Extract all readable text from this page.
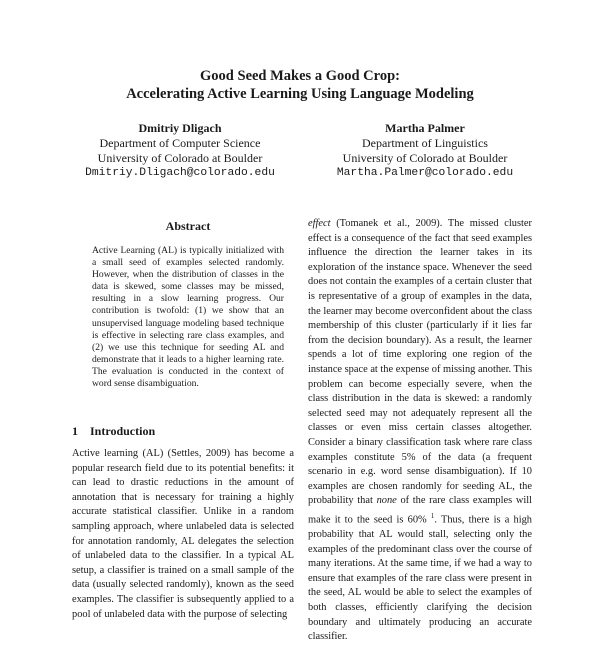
Good Seed Makes a Good Crop:
Accelerating Active Learning Using Language Modeling
Dmitriy Dligach
Department of Computer Science
University of Colorado at Boulder
Dmitriy.Dligach@colorado.edu
Martha Palmer
Department of Linguistics
University of Colorado at Boulder
Martha.Palmer@colorado.edu
Abstract
Active Learning (AL) is typically initialized with a small seed of examples selected randomly. However, when the distribution of classes in the data is skewed, some classes may be missed, resulting in a slow learning progress. Our contribution is twofold: (1) we show that an unsupervised language modeling based technique is effective in selecting rare class examples, and (2) we use this technique for seeding AL and demonstrate that it leads to a higher learning rate. The evaluation is conducted in the context of word sense disambiguation.
1 Introduction
Active learning (AL) (Settles, 2009) has become a popular research field due to its potential benefits: it can lead to drastic reductions in the amount of annotation that is necessary for training a highly accurate statistical classifier. Unlike in a random sampling approach, where unlabeled data is selected for annotation randomly, AL delegates the selection of unlabeled data to the classifier. In a typical AL setup, a classifier is trained on a small sample of the data (usually selected randomly), known as the seed examples. The classifier is subsequently applied to a pool of unlabeled data with the purpose of selecting

effect (Tomanek et al., 2009). The missed cluster effect is a consequence of the fact that seed examples influence the direction the learner takes in its exploration of the instance space. Whenever the seed does not contain the examples of a certain cluster that is representative of a group of examples in the data, the learner may become overconfident about the class membership of this cluster (particularly if it lies far from the decision boundary). As a result, the learner spends a lot of time exploring one region of the instance space at the expense of missing another. This problem can become especially severe, when the class distribution in the data is skewed: a randomly selected seed may not adequately represent all the classes or even miss certain classes altogether. Consider a binary classification task where rare class examples constitute 5% of the data (a frequent scenario in e.g. word sense disambiguation). If 10 examples are chosen randomly for seeding AL, the probability that none of the rare class examples will make it to the seed is 60% $^1$. Thus, there is a high probability that AL would stall, selecting only the examples of the predominant class over the course of many iterations. At the same time, if we had a way to ensure that examples of the rare class were present in the seed, AL would be able to select the examples of both classes, efficiently clarifying the decision boundary and ultimately producing an accurate classifier.
